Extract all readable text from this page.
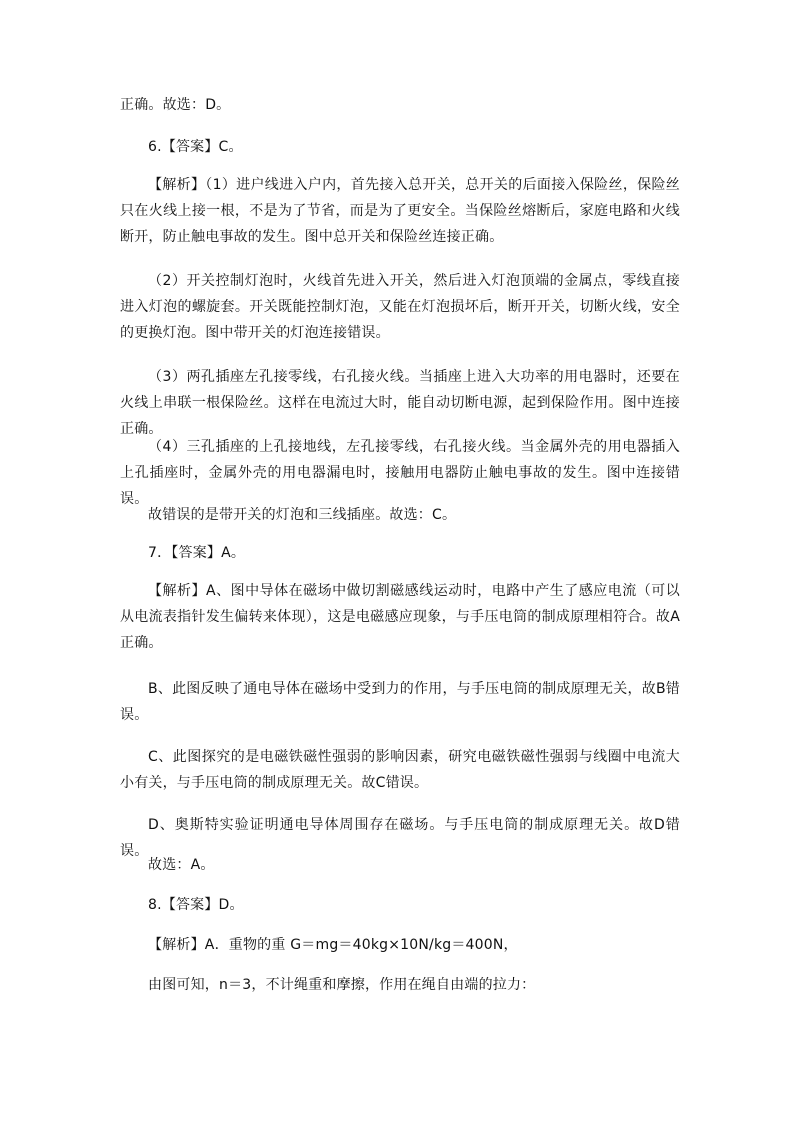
正确。故选：D。

6.【答案】C。

【解析】（1）进户线进入户内，首先接入总开关，总开关的后面接入保险丝，保险丝只在火线上接一根，不是为了节省，而是为了更安全。当保险丝熔断后，家庭电路和火线断开，防止触电事故的发生。图中总开关和保险丝连接正确。

（2）开关控制灯泡时，火线首先进入开关，然后进入灯泡顶端的金属点，零线直接进入灯泡的螺旋套。开关既能控制灯泡，又能在灯泡损坏后，断开开关，切断火线，安全的更换灯泡。图中带开关的灯泡连接错误。

（3）两孔插座左孔接零线，右孔接火线。当插座上进入大功率的用电器时，还要在火线上串联一根保险丝。这样在电流过大时，能自动切断电源，起到保险作用。图中连接正确。

（4）三孔插座的上孔接地线，左孔接零线，右孔接火线。当金属外壳的用电器插入上孔插座时，金属外壳的用电器漏电时，接触用电器防止触电事故的发生。图中连接错误。

故错误的是带开关的灯泡和三线插座。故选：C。

7．【答案】A。

【解析】A、图中导体在磁场中做切割磁感线运动时，电路中产生了感应电流（可以从电流表指针发生偏转来体现），这是电磁感应现象，与手压电筒的制成原理相符合。故A正确。

B、此图反映了通电导体在磁场中受到力的作用，与手压电筒的制成原理无关，故B错误。

C、此图探究的是电磁铁磁性强弱的影响因素，研究电磁铁磁性强弱与线圈中电流大小有关，与手压电筒的制成原理无关。故C错误。

D、奥斯特实验证明通电导体周围存在磁场。与手压电筒的制成原理无关。故D错误。

故选：A。

8.【答案】D。

【解析】A．重物的重 G＝mg＝40kg×10N/kg＝400N，

由图可知，n＝3，不计绳重和摩擦，作用在绳自由端的拉力：
